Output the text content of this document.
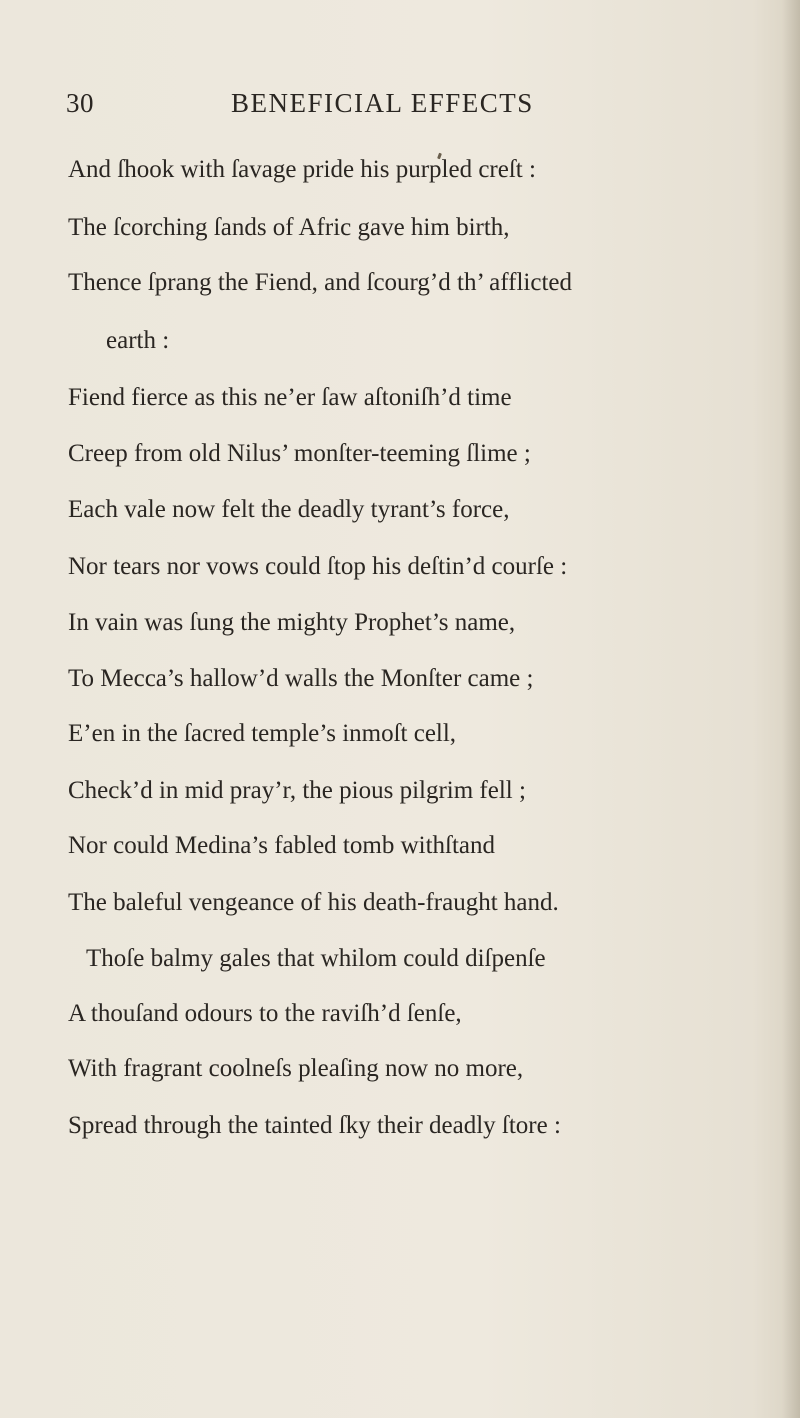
30	BENEFICIAL EFFECTS
And ſhook with ſavage pride his purpled creſt :
The ſcorching ſands of Afric gave him birth,
Thence ſprang the Fiend, and ſcourg’d th’ afflicted
earth :
Fiend fierce as this ne’er ſaw aſtoniſh’d time
Creep from old Nilus’ monſter-teeming ſlime ;
Each vale now felt the deadly tyrant’s force,
Nor tears nor vows could ſtop his deſtin’d courſe :
In vain was ſung the mighty Prophet’s name,
To Mecca’s hallow’d walls the Monſter came ;
E’en in the ſacred temple’s inmoſt cell,
Check’d in mid pray’r, the pious pilgrim fell ;
Nor could Medina’s fabled tomb withſtand
The baleful vengeance of his death-fraught hand.
Thoſe balmy gales that whilom could diſpenſe
A thouſand odours to the raviſh’d ſenſe,
With fragrant coolneſs pleaſing now no more,
Spread through the tainted ſky their deadly ſtore :
